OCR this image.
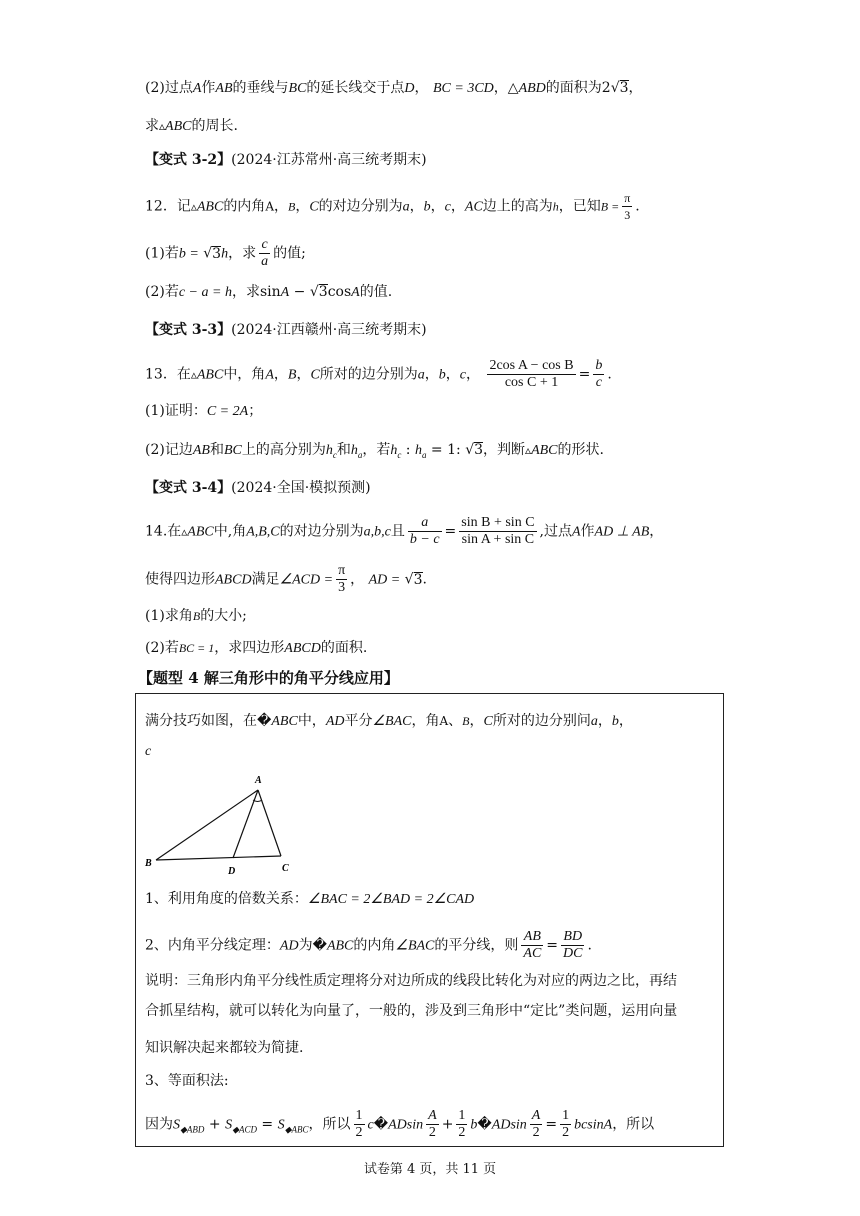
(2)过点A作AB的垂线与BC的延长线交于点D， BC = 3CD，△ABD的面积为2√3，
求▵ABC的周长.
【变式 3-2】(2024·江苏常州·高三统考期末)
12．记▵ABC的内角A，B，C的对边分别为a，b，c，AC边上的高为h，已知$B = \frac{\pi}{3}$ .
(1)若b = √3h，求 $\frac{c}{a}$ 的值;
(2)若c − a = h，求sinA − √3cosA的值.
【变式 3-3】(2024·江西赣州·高三统考期末)
13．在▵ABC中，角A，B，C所对的边分别为a，b，c， $\frac{\text{2cos A − cos B}}{\text{cos C + 1}} = \frac{b}{c}$ .
(1)证明：C = 2A；
(2)记边AB和BC上的高分别为$h_c$和$h_a$，若$h_c$ : $h_a = 1$: √3，判断▵ABC的形状.
【变式 3-4】(2024·全国·模拟预测)
14.在▵ABC中,角A,B,C的对边分别为a,b,c且 $\frac{a}{b - c} = \frac{\text{sin B + sin C}}{\text{sin A + sin C}}$ ,过点A作AD ⊥ AB，
使得四边形ABCD满足∠ACD = $\frac{\pi}{3}$ ， AD = √3.
(1)求角B的大小;
(2)若BC = 1，求四边形ABCD的面积.
【题型 4 解三角形中的角平分线应用】
满分技巧如图，在�ABC中，AD平分∠BAC，角A、B，C所对的边分别问a，b，
c
A
B	C
D
1、利用角度的倍数关系：∠BAC = 2∠BAD = 2∠CAD
2、内角平分线定理：AD为�ABC的内角∠BAC的平分线，则 $\frac{AB}{AC} = \frac{BD}{DC}$ .
说明：三角形内角平分线性质定理将分对边所成的线段比转化为对应的两边之比，再结
合抓星结构，就可以转化为向量了，一般的，涉及到三角形中“定比”类问题，运用向量
知识解决起来都较为简捷.
3、等面积法:
因为$S_{◆ABD} + S_{◆ACD} = S_{◆ABC}$，所以 $\frac{1}{2}$ c�ADsin $\frac{A}{2} + \frac{1}{2}$ b�ADsin $\frac{A}{2} = \frac{1}{2}$ bcsinA，所以
试卷第 4 页，共 11 页
